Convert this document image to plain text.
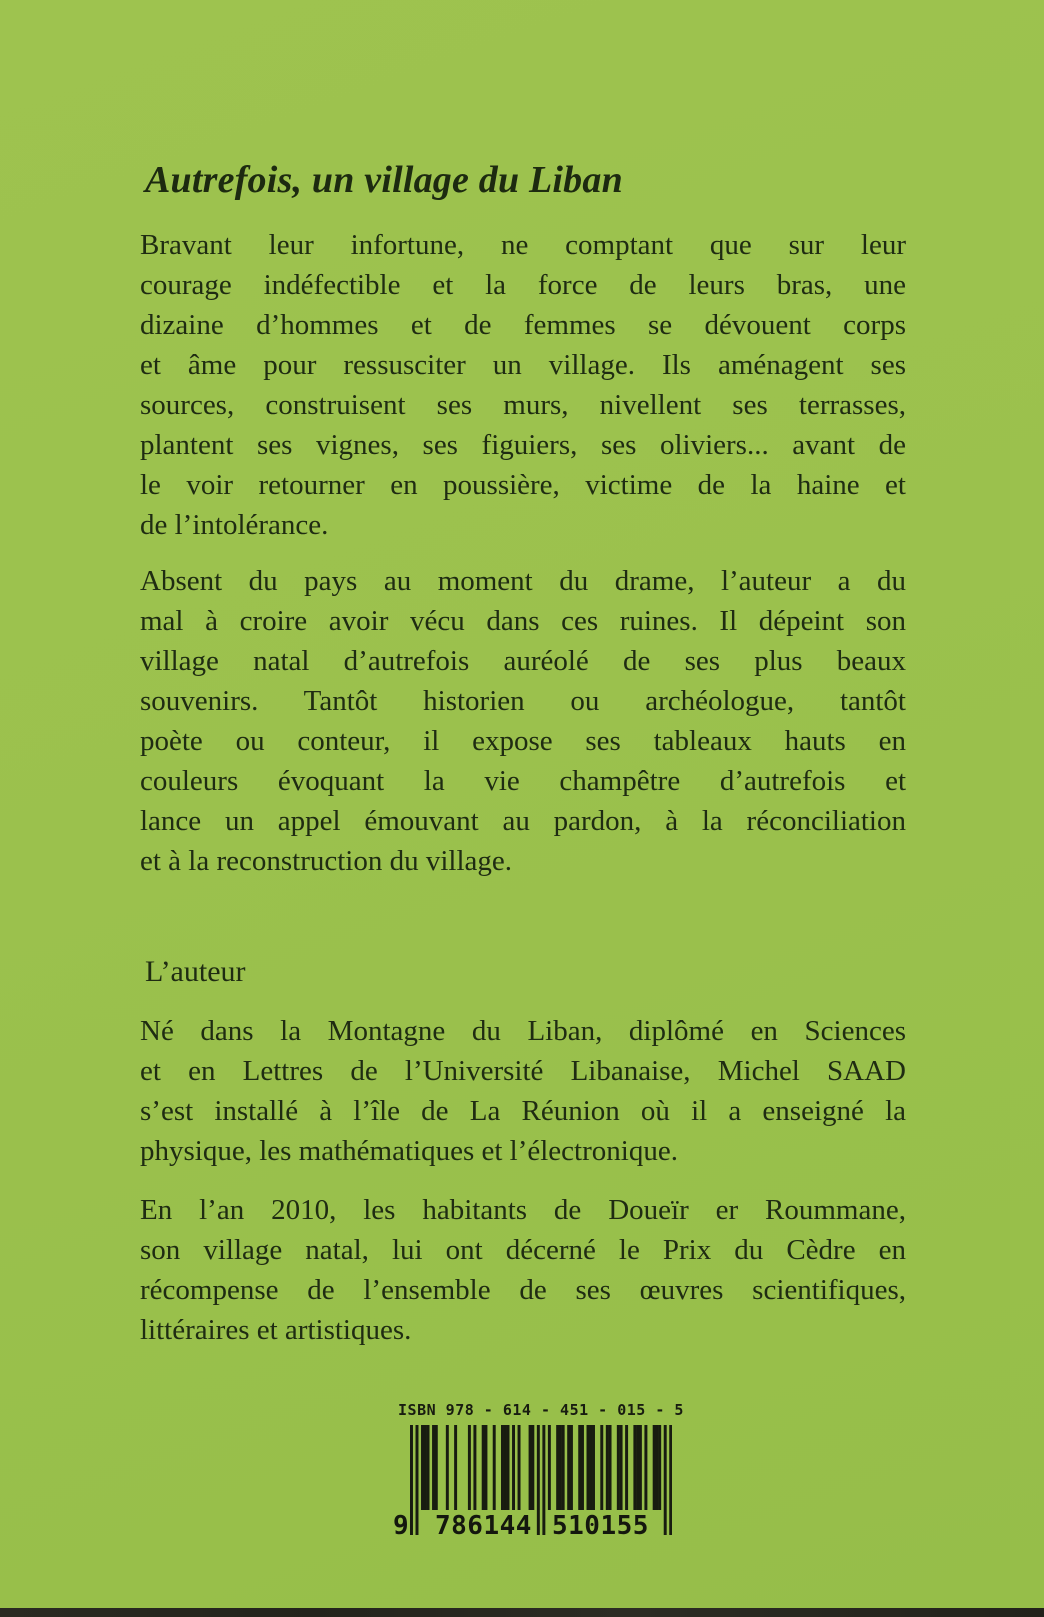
Autrefois, un village du Liban
Bravant leur infortune, ne comptant que sur leur
courage indéfectible et la force de leurs bras, une
dizaine d’hommes et de femmes se dévouent corps
et âme pour ressusciter un village. Ils aménagent ses
sources, construisent ses murs, nivellent ses terrasses,
plantent ses vignes, ses figuiers, ses oliviers... avant de
le voir retourner en poussière, victime de la haine et
de l’intolérance.
Absent du pays au moment du drame, l’auteur a du
mal à croire avoir vécu dans ces ruines. Il dépeint son
village natal d’autrefois auréolé de ses plus beaux
souvenirs. Tantôt historien ou archéologue, tantôt
poète ou conteur, il expose ses tableaux hauts en
couleurs évoquant la vie champêtre d’autrefois et
lance un appel émouvant au pardon, à la réconciliation
et à la reconstruction du village.
L’auteur
Né dans la Montagne du Liban, diplômé en Sciences
et en Lettres de l’Université Libanaise, Michel SAAD
s’est installé à l’île de La Réunion où il a enseigné la
physique, les mathématiques et l’électronique.
En l’an 2010, les habitants de Doueïr er Roummane,
son village natal, lui ont décerné le Prix du Cèdre en
récompense de l’ensemble de ses œuvres scientifiques,
littéraires et artistiques.
ISBN 978 - 614 - 451 - 015 - 5
9 786144 510155
